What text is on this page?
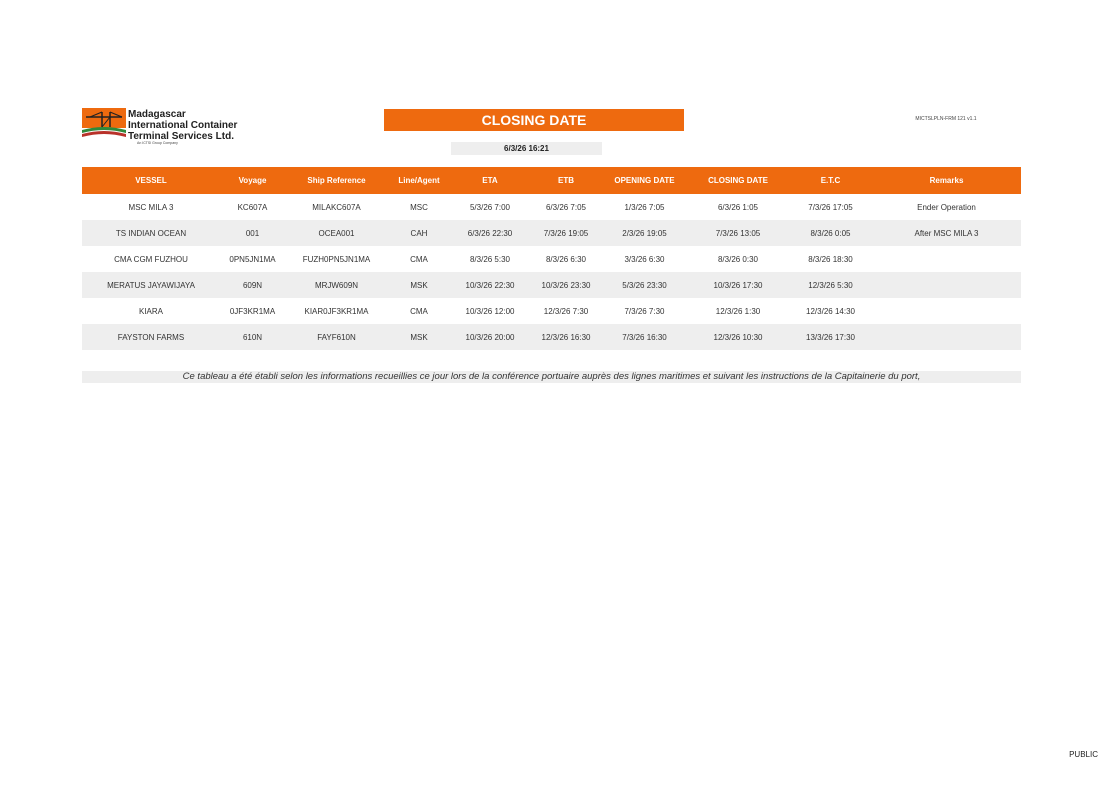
Madagascar
International Container
Terminal Services Ltd.
An ICTSI Group Company
CLOSING DATE
6/3/26 16:21
MICTSLPLN-FRM 121 v1.1
VESSEL	Voyage	Ship Reference	Line/Agent	ETA	ETB	OPENING DATE	CLOSING DATE	E.T.C	Remarks
MSC MILA 3	KC607A	MILAKC607A	MSC	5/3/26 7:00	6/3/26 7:05	1/3/26 7:05	6/3/26 1:05	7/3/26 17:05	Ender Operation
TS INDIAN OCEAN	001	OCEA001	CAH	6/3/26 22:30	7/3/26 19:05	2/3/26 19:05	7/3/26 13:05	8/3/26 0:05	After MSC MILA 3
CMA CGM FUZHOU	0PN5JN1MA	FUZH0PN5JN1MA	CMA	8/3/26 5:30	8/3/26 6:30	3/3/26 6:30	8/3/26 0:30	8/3/26 18:30	
MERATUS JAYAWIJAYA	609N	MRJW609N	MSK	10/3/26 22:30	10/3/26 23:30	5/3/26 23:30	10/3/26 17:30	12/3/26 5:30	
KIARA	0JF3KR1MA	KIAR0JF3KR1MA	CMA	10/3/26 12:00	12/3/26 7:30	7/3/26 7:30	12/3/26 1:30	12/3/26 14:30	
FAYSTON FARMS	610N	FAYF610N	MSK	10/3/26 20:00	12/3/26 16:30	7/3/26 16:30	12/3/26 10:30	13/3/26 17:30	
Ce tableau a été établi selon les informations recueillies ce jour lors de la conférence portuaire auprès des lignes maritimes et suivant les instructions de la Capitainerie du port,
PUBLIC
